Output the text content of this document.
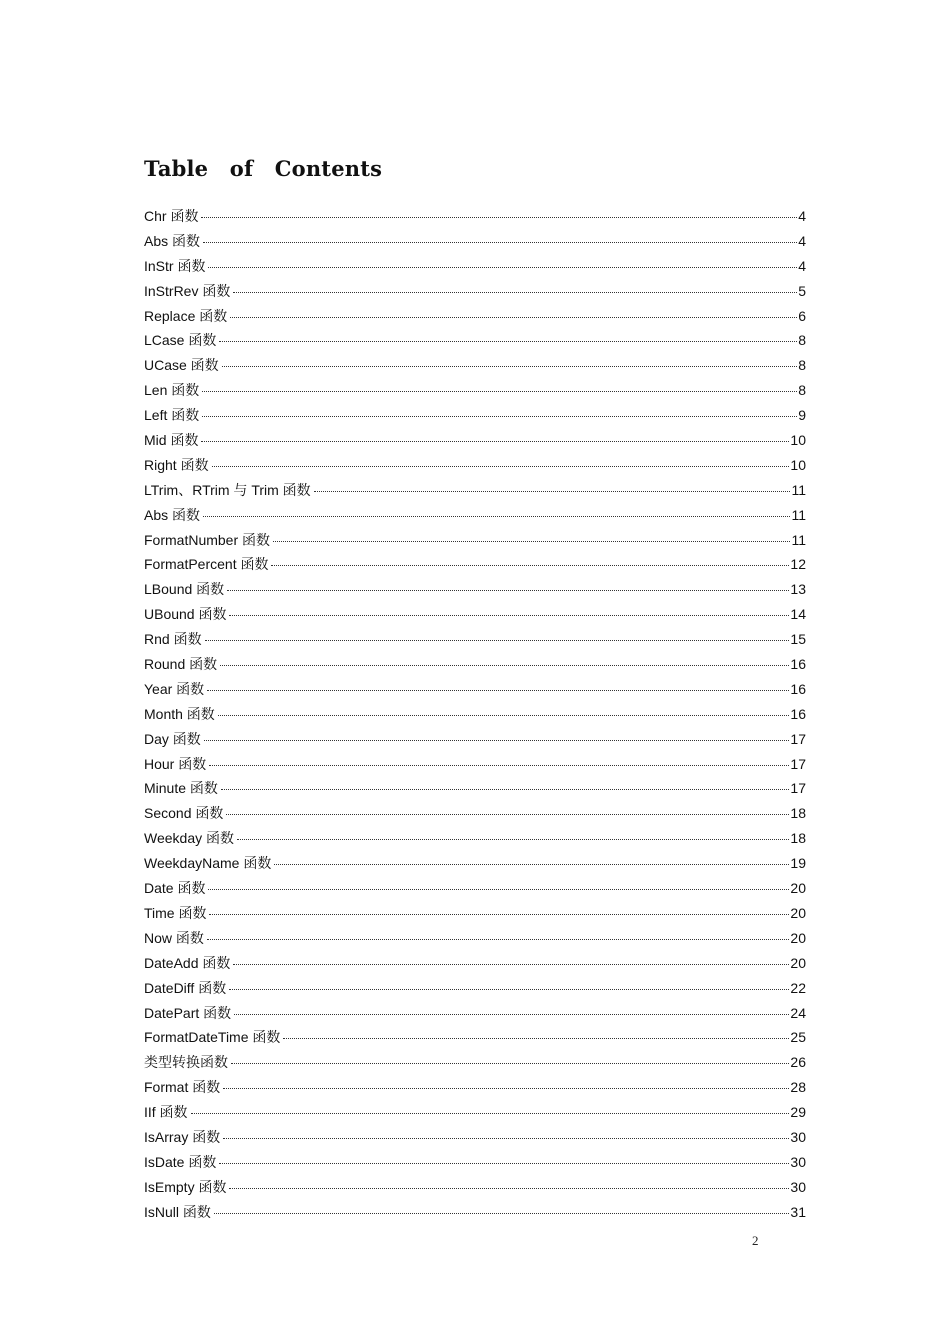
Table of Contents
Chr 函数	4
Abs 函数	4
InStr 函数	4
InStrRev 函数	5
Replace 函数	6
LCase 函数	8
UCase 函数	8
Len 函数	8
Left 函数	9
Mid 函数	10
Right 函数	10
LTrim、RTrim 与 Trim 函数	11
Abs 函数	11
FormatNumber 函数	11
FormatPercent 函数	12
LBound 函数	13
UBound 函数	14
Rnd 函数	15
Round 函数	16
Year 函数	16
Month 函数	16
Day 函数	17
Hour 函数	17
Minute 函数	17
Second 函数	18
Weekday 函数	18
WeekdayName 函数	19
Date 函数	20
Time 函数	20
Now 函数	20
DateAdd 函数	20
DateDiff 函数	22
DatePart 函数	24
FormatDateTime 函数	25
类型转换函数	26
Format 函数	28
IIf 函数	29
IsArray 函数	30
IsDate 函数	30
IsEmpty 函数	30
IsNull 函数	31
2
